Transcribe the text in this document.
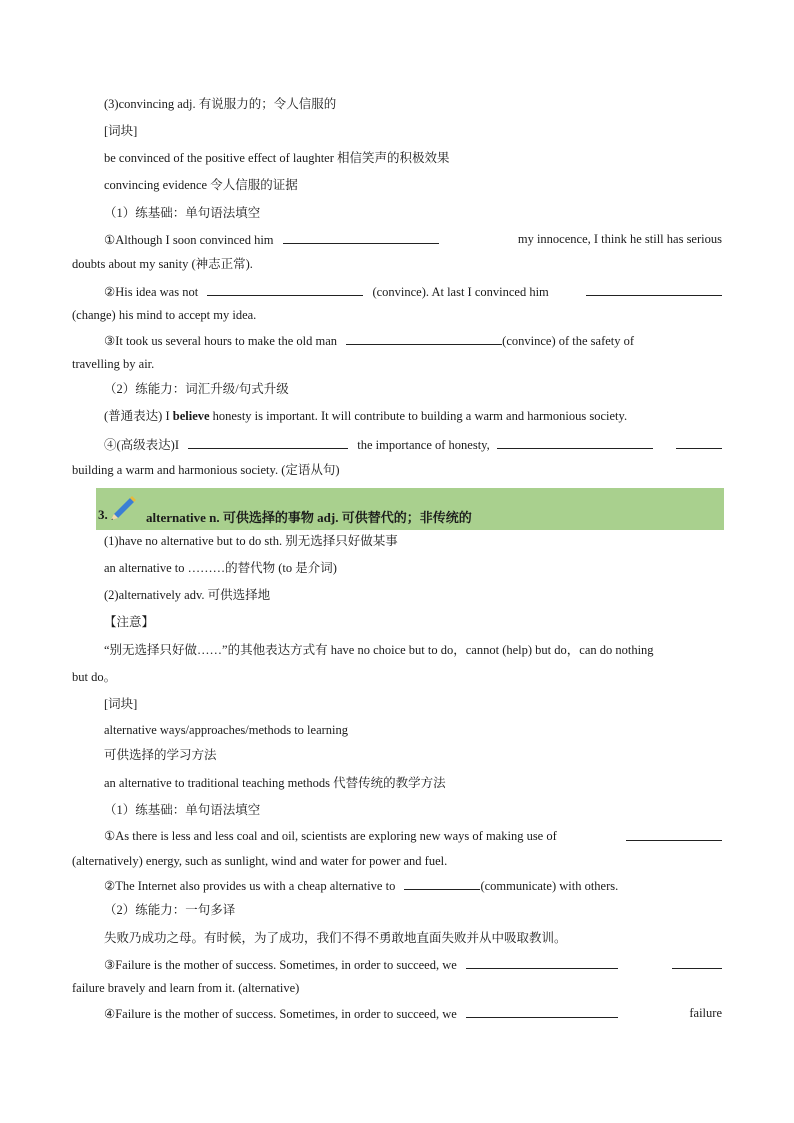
(3)convincing adj. 有说服力的；令人信服的
[词块]
be convinced of the positive effect of laughter 相信笑声的积极效果
convincing evidence 令人信服的证据
（1）练基础：单句语法填空
①Although I soon convinced him	my innocence, I think he still has serious
doubts about my sanity (神志正常).
②His idea was not	(convince). At last I convinced him
(change) his mind to accept my idea.
③It took us several hours to make the old man	(convince) of the safety of
travelling by air.
（2）练能力：词汇升级/句式升级
(普通表达) I believe honesty is important. It will contribute to building a warm and harmonious society.
④(高级表达)I	the importance of honesty,
building a warm and harmonious society. (定语从句)
3.	alternative n. 可供选择的事物 adj. 可供替代的；非传统的
(1)have no alternative but to do sth. 别无选择只好做某事
an alternative to ………的替代物 (to 是介词)
(2)alternatively adv. 可供选择地
【注意】
“别无选择只好做……”的其他表达方式有 have no choice but to do，cannot (help) but do，can do nothing
but do。
[词块]
alternative ways/approaches/methods to learning
可供选择的学习方法
an alternative to traditional teaching methods 代替传统的教学方法
（1）练基础：单句语法填空
①As there is less and less coal and oil, scientists are exploring new ways of making use of
(alternatively) energy, such as sunlight, wind and water for power and fuel.
②The Internet also provides us with a cheap alternative to	(communicate) with others.
（2）练能力：一句多译
失败乃成功之母。有时候，为了成功，我们不得不勇敢地直面失败并从中吸取教训。
③Failure is the mother of success. Sometimes, in order to succeed, we
failure bravely and learn from it. (alternative)
④Failure is the mother of success. Sometimes, in order to succeed, we	failure
